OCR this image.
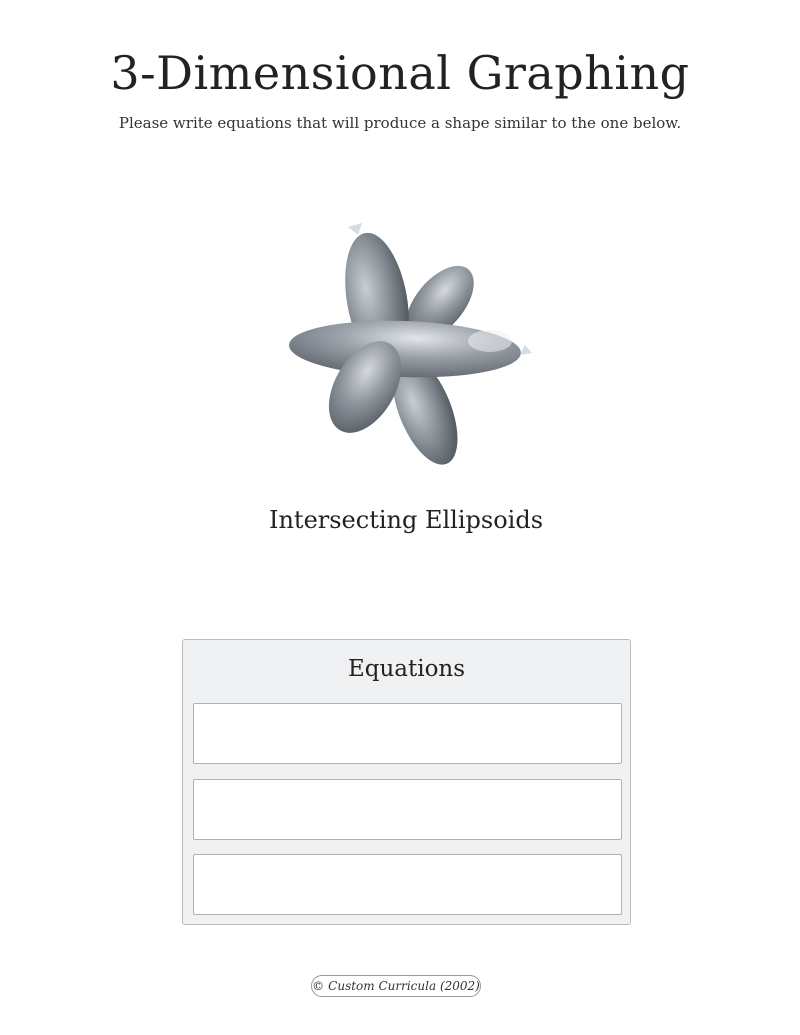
3-Dimensional Graphing
Please write equations that will produce a shape similar to the one below.
Intersecting Ellipsoids
Equations
© Custom Curricula (2002)
